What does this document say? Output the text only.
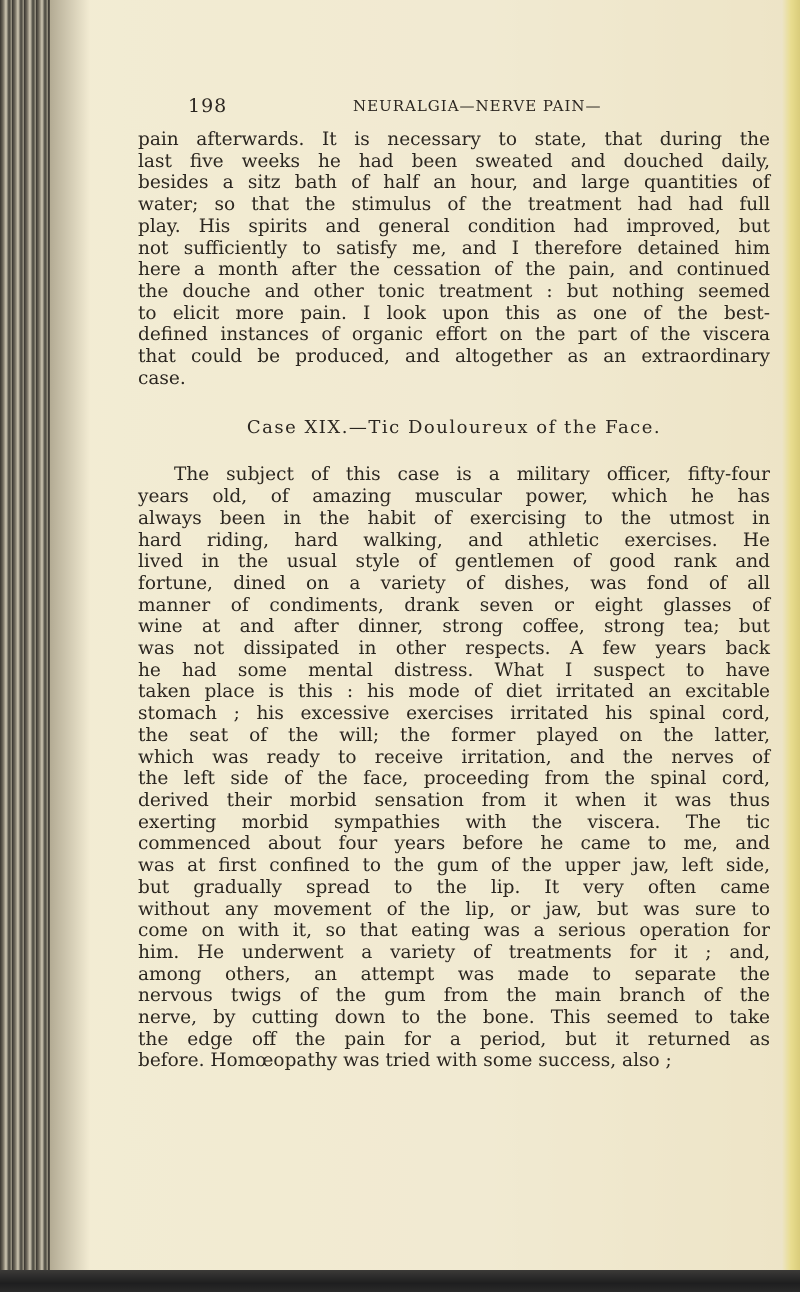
198	NEURALGIA—NERVE PAIN—
pain afterwards. It is necessary to state, that during the
last five weeks he had been sweated and douched daily,
besides a sitz bath of half an hour, and large quantities of
water; so that the stimulus of the treatment had had full
play. His spirits and general condition had improved, but
not sufficiently to satisfy me, and I therefore detained him
here a month after the cessation of the pain, and continued
the douche and other tonic treatment : but nothing seemed
to elicit more pain. I look upon this as one of the best-
defined instances of organic effort on the part of the viscera
that could be produced, and altogether as an extraordinary
case.
Case XIX.—Tic Douloureux of the Face.
The subject of this case is a military officer, fifty-four
years old, of amazing muscular power, which he has
always been in the habit of exercising to the utmost in
hard riding, hard walking, and athletic exercises. He
lived in the usual style of gentlemen of good rank and
fortune, dined on a variety of dishes, was fond of all
manner of condiments, drank seven or eight glasses of
wine at and after dinner, strong coffee, strong tea; but
was not dissipated in other respects. A few years back
he had some mental distress. What I suspect to have
taken place is this : his mode of diet irritated an excitable
stomach ; his excessive exercises irritated his spinal cord,
the seat of the will; the former played on the latter,
which was ready to receive irritation, and the nerves of
the left side of the face, proceeding from the spinal cord,
derived their morbid sensation from it when it was thus
exerting morbid sympathies with the viscera. The tic
commenced about four years before he came to me, and
was at first confined to the gum of the upper jaw, left side,
but gradually spread to the lip. It very often came
without any movement of the lip, or jaw, but was sure to
come on with it, so that eating was a serious operation for
him. He underwent a variety of treatments for it ; and,
among others, an attempt was made to separate the
nervous twigs of the gum from the main branch of the
nerve, by cutting down to the bone. This seemed to take
the edge off the pain for a period, but it returned as
before. Homœopathy was tried with some success, also ;
